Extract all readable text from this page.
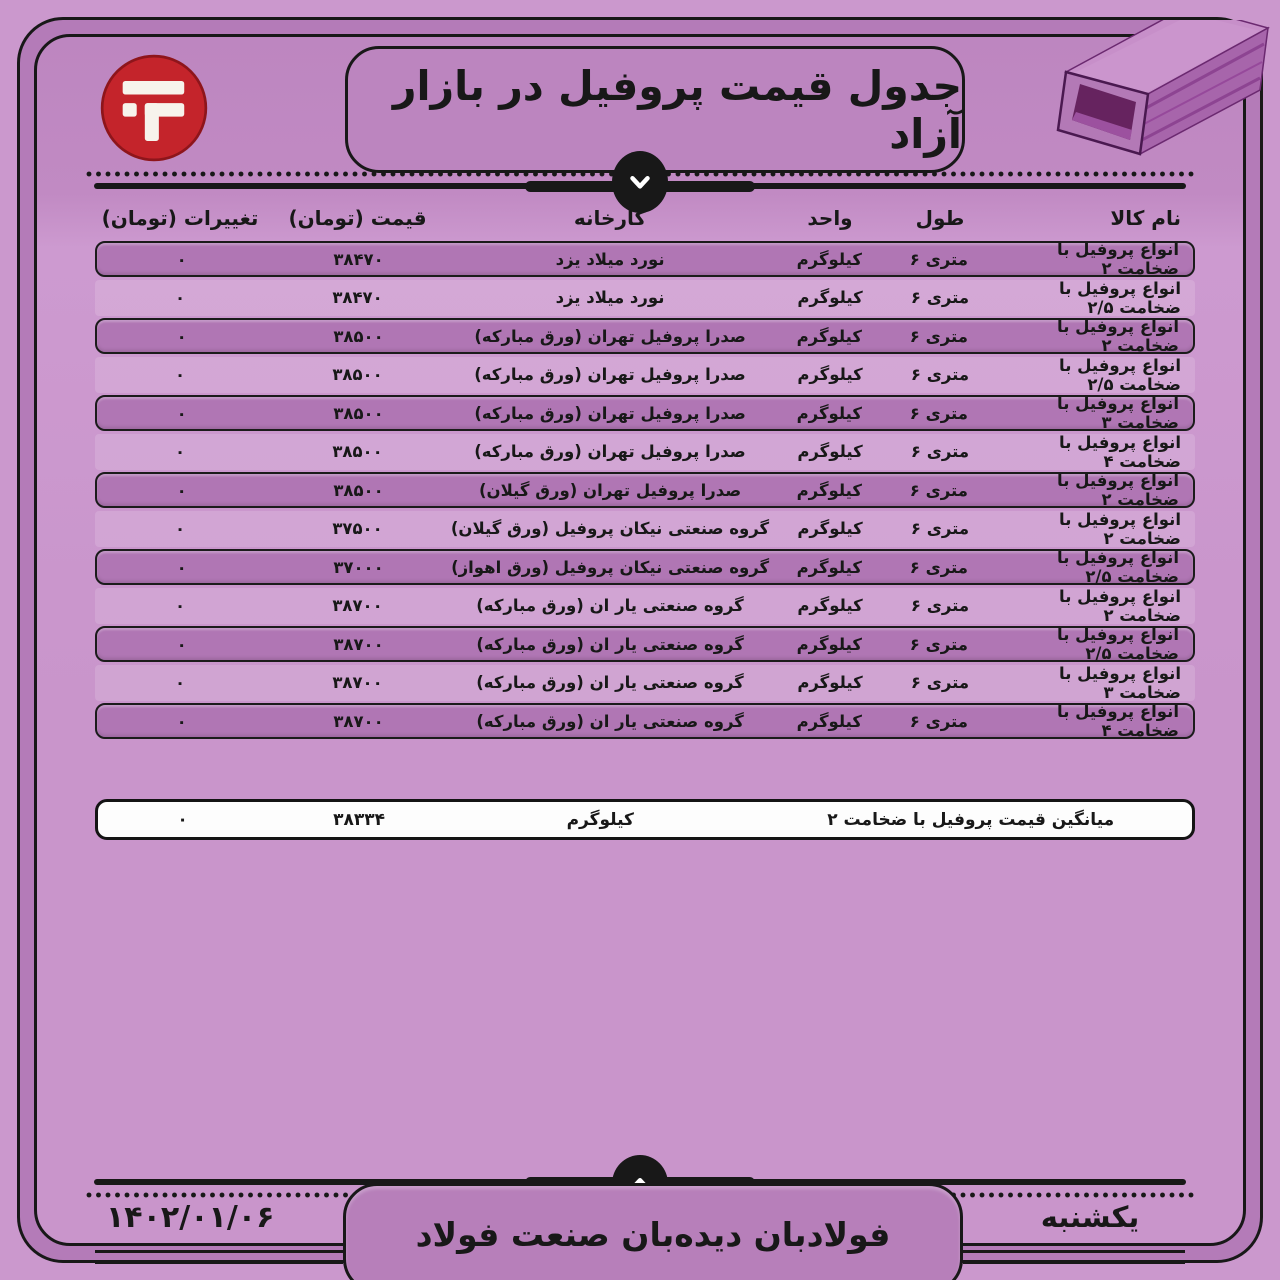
جدول قیمت پروفیل در بازار آزاد
نام کالا
طول
واحد
کارخانه
قیمت (تومان)
تغییرات (تومان)
انواع پروفیل با ضخامت ۲
متری ۶
کیلوگرم
نورد میلاد یزد
۳۸۴۷۰
۰
انواع پروفیل با ضخامت ۲/۵
متری ۶
کیلوگرم
نورد میلاد یزد
۳۸۴۷۰
۰
انواع پروفیل با ضخامت ۲
متری ۶
کیلوگرم
صدرا پروفیل تهران (ورق مبارکه)
۳۸۵۰۰
۰
انواع پروفیل با ضخامت ۲/۵
متری ۶
کیلوگرم
صدرا پروفیل تهران (ورق مبارکه)
۳۸۵۰۰
۰
انواع پروفیل با ضخامت ۳
متری ۶
کیلوگرم
صدرا پروفیل تهران (ورق مبارکه)
۳۸۵۰۰
۰
انواع پروفیل با ضخامت ۴
متری ۶
کیلوگرم
صدرا پروفیل تهران (ورق مبارکه)
۳۸۵۰۰
۰
انواع پروفیل با ضخامت ۲
متری ۶
کیلوگرم
صدرا پروفیل تهران (ورق گیلان)
۳۸۵۰۰
۰
انواع پروفیل با ضخامت ۲
متری ۶
کیلوگرم
گروه صنعتی نیکان پروفیل (ورق گیلان)
۳۷۵۰۰
۰
انواع پروفیل با ضخامت ۲/۵
متری ۶
کیلوگرم
گروه صنعتی نیکان پروفیل (ورق اهواز)
۳۷۰۰۰
۰
انواع پروفیل با ضخامت ۲
متری ۶
کیلوگرم
گروه صنعتی یار ان (ورق مبارکه)
۳۸۷۰۰
۰
انواع پروفیل با ضخامت ۲/۵
متری ۶
کیلوگرم
گروه صنعتی یار ان (ورق مبارکه)
۳۸۷۰۰
۰
انواع پروفیل با ضخامت ۳
متری ۶
کیلوگرم
گروه صنعتی یار ان (ورق مبارکه)
۳۸۷۰۰
۰
انواع پروفیل با ضخامت ۴
متری ۶
کیلوگرم
گروه صنعتی یار ان (ورق مبارکه)
۳۸۷۰۰
۰
میانگین قیمت پروفیل با ضخامت ۲
کیلوگرم
۳۸۳۳۴
۰
۱۴۰۲/۰۱/۰۶	یکشنبه
فولادبان دیده‌بان صنعت فولاد
